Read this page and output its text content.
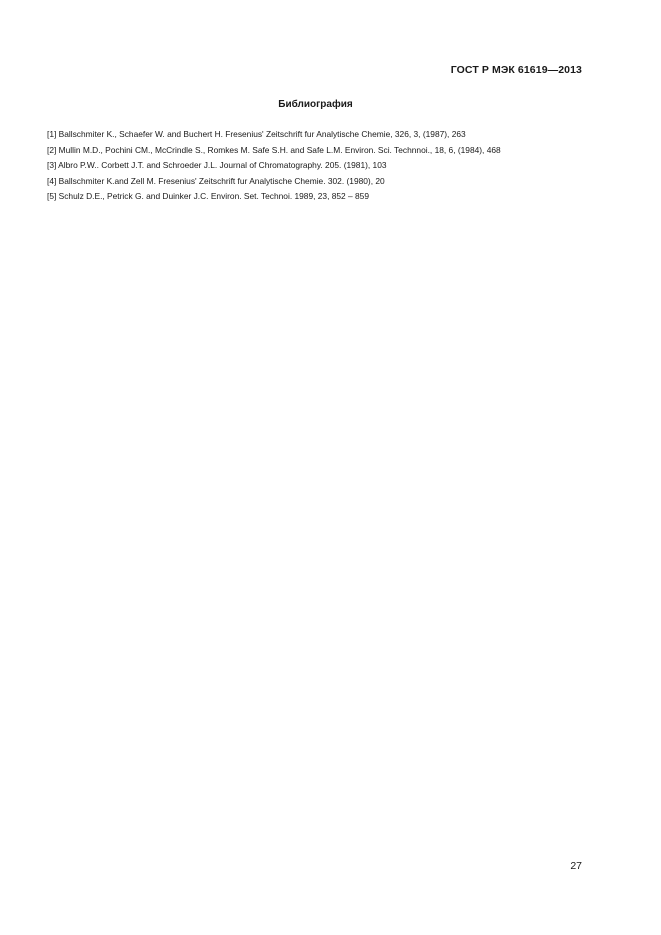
ГОСТ Р МЭК 61619—2013
Библиография
[1] Ballschmiter K., Schaefer W. and Buchert H. Fresenius' Zeitschrift fur Analytische Chemie, 326, 3, (1987), 263
[2] Mullin M.D., Pochini CM., McCrindle S., Romkes M. Safe S.H. and Safe L.M. Environ. Sci. Technnoi., 18, 6, (1984), 468
[3] Albro P.W.. Corbett J.T. and Schroeder J.L. Journal of Chromatography. 205. (1981), 103
[4] Ballschmiter K.and Zell M. Fresenius' Zeitschrift fur Analytische Chemie. 302. (1980), 20
[5] Schulz D.E., Petrick G. and Duinker J.C. Environ. Set. Technoi. 1989, 23, 852 – 859
27
